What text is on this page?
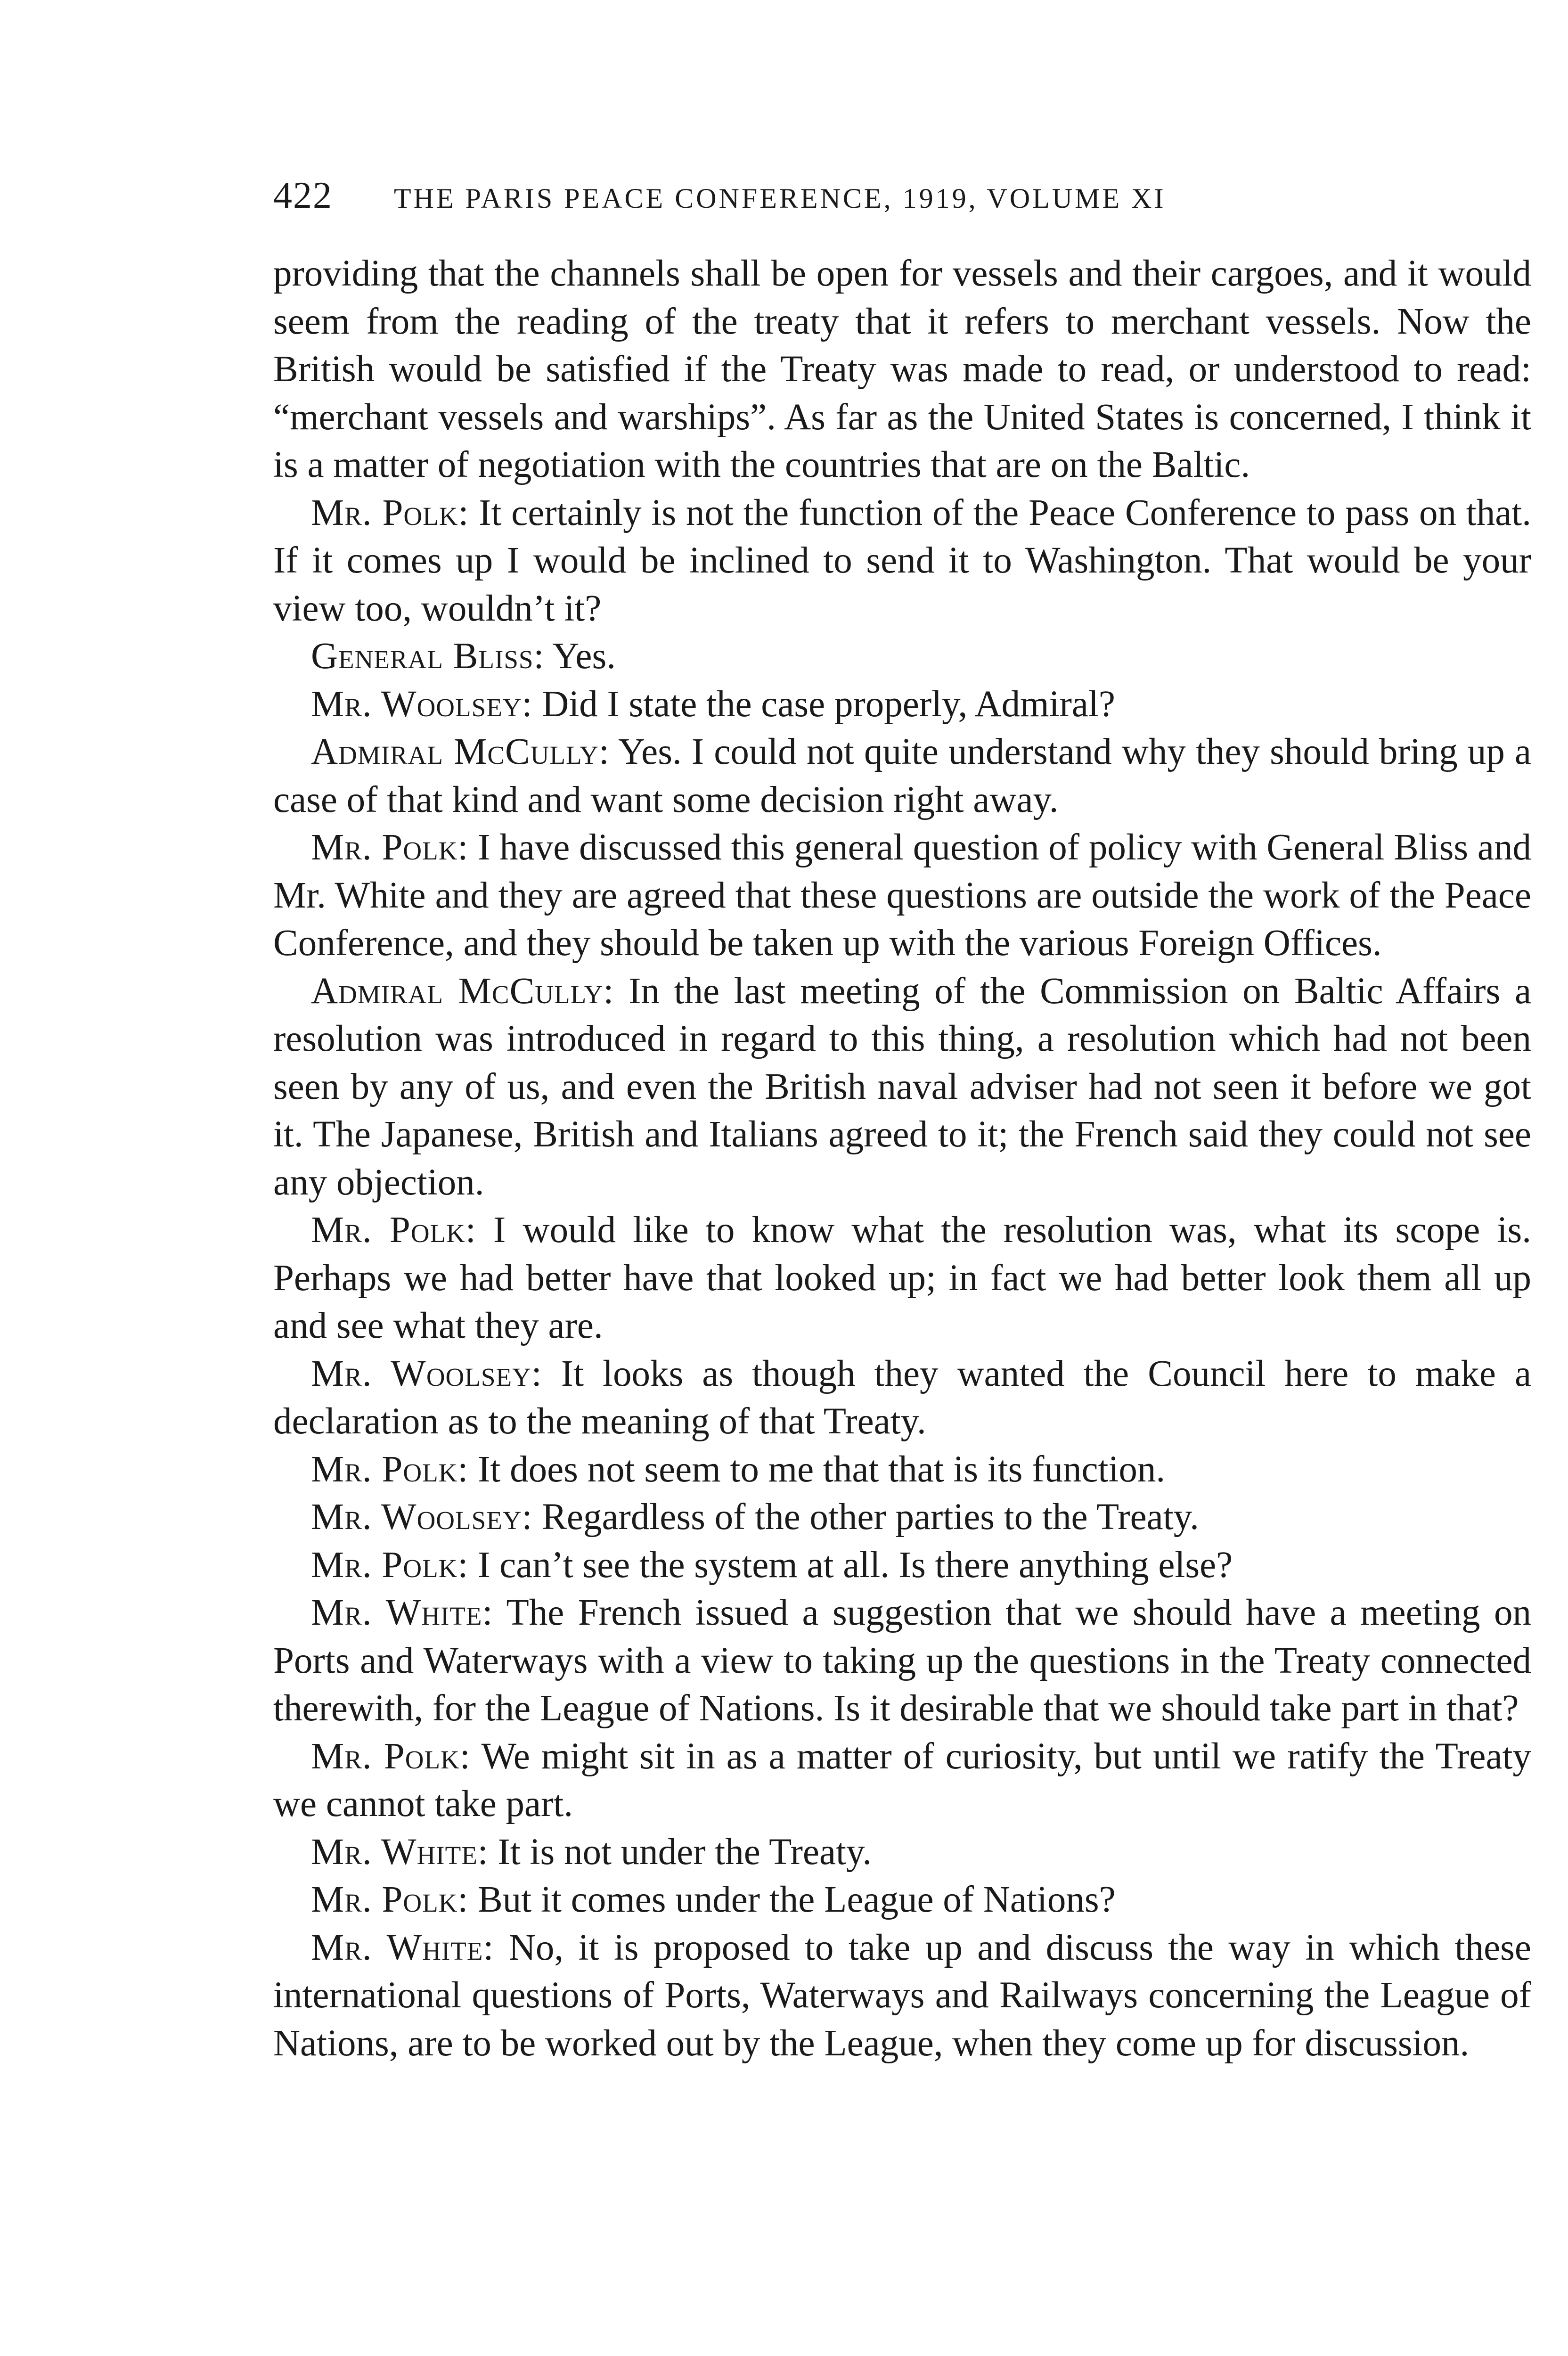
422 THE PARIS PEACE CONFERENCE, 1919, VOLUME XI

providing that the channels shall be open for vessels and their cargoes, and it would seem from the reading of the treaty that it refers to merchant vessels. Now the British would be satisfied if the Treaty was made to read, or understood to read: “merchant vessels and warships”. As far as the United States is concerned, I think it is a matter of negotiation with the countries that are on the Baltic.

Mr. Polk: It certainly is not the function of the Peace Conference to pass on that. If it comes up I would be inclined to send it to Washington. That would be your view too, wouldn’t it?

General Bliss: Yes.

Mr. Woolsey: Did I state the case properly, Admiral?

Admiral McCully: Yes. I could not quite understand why they should bring up a case of that kind and want some decision right away.

Mr. Polk: I have discussed this general question of policy with General Bliss and Mr. White and they are agreed that these questions are outside the work of the Peace Conference, and they should be taken up with the various Foreign Offices.

Admiral McCully: In the last meeting of the Commission on Baltic Affairs a resolution was introduced in regard to this thing, a resolution which had not been seen by any of us, and even the British naval adviser had not seen it before we got it. The Japanese, British and Italians agreed to it; the French said they could not see any objection.

Mr. Polk: I would like to know what the resolution was, what its scope is. Perhaps we had better have that looked up; in fact we had better look them all up and see what they are.

Mr. Woolsey: It looks as though they wanted the Council here to make a declaration as to the meaning of that Treaty.

Mr. Polk: It does not seem to me that that is its function.

Mr. Woolsey: Regardless of the other parties to the Treaty.

Mr. Polk: I can’t see the system at all. Is there anything else?

Mr. White: The French issued a suggestion that we should have a meeting on Ports and Waterways with a view to taking up the questions in the Treaty connected therewith, for the League of Nations. Is it desirable that we should take part in that?

Mr. Polk: We might sit in as a matter of curiosity, but until we ratify the Treaty we cannot take part.

Mr. White: It is not under the Treaty.

Mr. Polk: But it comes under the League of Nations?

Mr. White: No, it is proposed to take up and discuss the way in which these international questions of Ports, Waterways and Railways concerning the League of Nations, are to be worked out by the League, when they come up for discussion.
